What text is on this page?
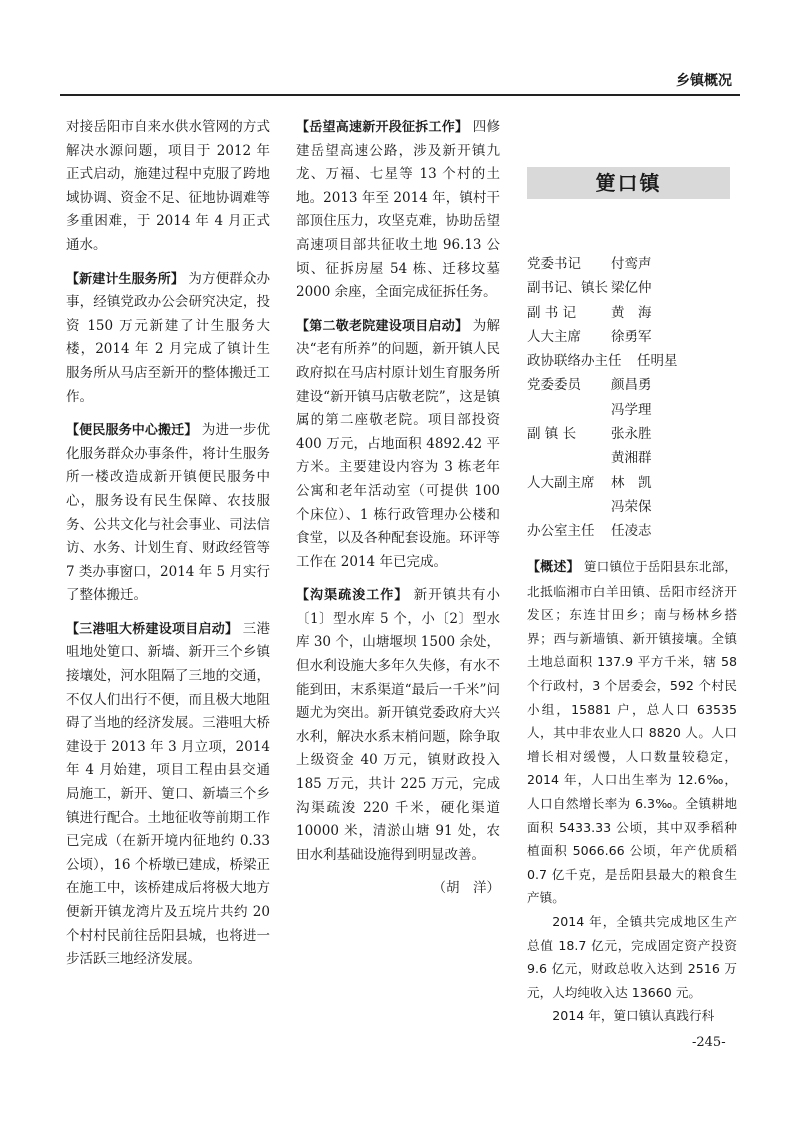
乡镇概况

对接岳阳市自来水供水管网的方式解决水源问题，项目于 2012 年正式启动，施建过程中克服了跨地域协调、资金不足、征地协调难等多重困难，于 2014 年 4 月正式通水。

【新建计生服务所】 为方便群众办事，经镇党政办公会研究决定，投资 150 万元新建了计生服务大楼，2014 年 2 月完成了镇计生服务所从马店至新开的整体搬迁工作。

【便民服务中心搬迁】 为进一步优化服务群众办事条件，将计生服务所一楼改造成新开镇便民服务中心，服务设有民生保障、农技服务、公共文化与社会事业、司法信访、水务、计划生育、财政经管等 7 类办事窗口，2014 年 5 月实行了整体搬迁。

【三港咀大桥建设项目启动】 三港咀地处筻口、新墙、新开三个乡镇接壤处，河水阻隔了三地的交通，不仅人们出行不便，而且极大地阻碍了当地的经济发展。三港咀大桥建设于 2013 年 3 月立项，2014 年 4 月始建，项目工程由县交通局施工，新开、筻口、新墙三个乡镇进行配合。土地征收等前期工作已完成（在新开境内征地约 0.33 公顷），16 个桥墩已建成，桥梁正在施工中，该桥建成后将极大地方便新开镇龙湾片及五垸片共约 20 个村村民前往岳阳县城，也将进一步活跃三地经济发展。

【岳望高速新开段征拆工作】 四修建岳望高速公路，涉及新开镇九龙、万福、七星等 13 个村的土地。2013 年至 2014 年，镇村干部顶住压力，攻坚克难，协助岳望高速项目部共征收土地 96.13 公顷、征拆房屋 54 栋、迁移坟墓 2000 余座，全面完成征拆任务。

【第二敬老院建设项目启动】 为解决“老有所养”的问题，新开镇人民政府拟在马店村原计划生育服务所建设“新开镇马店敬老院”，这是镇属的第二座敬老院。项目部投资 400 万元，占地面积 4892.42 平方米。主要建设内容为 3 栋老年公寓和老年活动室（可提供 100 个床位）、1 栋行政管理办公楼和食堂，以及各种配套设施。环评等工作在 2014 年已完成。

【沟渠疏浚工作】 新开镇共有小〔1〕型水库 5 个，小〔2〕型水库 30 个，山塘堰坝 1500 余处，但水利设施大多年久失修，有水不能到田，末系渠道“最后一千米”问题尤为突出。新开镇党委政府大兴水利，解决水系末梢问题，除争取上级资金 40 万元，镇财政投入 185 万元，共计 225 万元，完成沟渠疏浚 220 千米，硬化渠道 10000 米，清淤山塘 91 处，农田水利基础设施得到明显改善。

（胡　洋）

筻口镇
党委书记	付鸾声
副书记、镇长 梁亿仲
副 书 记	黄　海
人大主席	徐勇军
政协联络办主任	任明星
党委委员	颜昌勇
冯学理
副 镇 长	张永胜
黄湘群
人大副主席	林　凯
冯荣保
办公室主任	任凌志

【概述】 筻口镇位于岳阳县东北部，北抵临湘市白羊田镇、岳阳市经济开发区；东连甘田乡；南与杨林乡搭界；西与新墙镇、新开镇接壤。全镇土地总面积 137.9 平方千米，辖 58 个行政村，3 个居委会，592 个村民小组，15881 户，总人口 63535 人，其中非农业人口 8820 人。人口增长相对缓慢，人口数量较稳定，2014 年，人口出生率为 12.6‰，人口自然增长率为 6.3‰。全镇耕地面积 5433.33 公顷，其中双季稻种植面积 5066.66 公顷，年产优质稻 0.7 亿千克，是岳阳县最大的粮食生产镇。

2014 年，全镇共完成地区生产总值 18.7 亿元，完成固定资产投资 9.6 亿元，财政总收入达到 2516 万元，人均纯收入达 13660 元。

2014 年，筻口镇认真践行科

-245-
